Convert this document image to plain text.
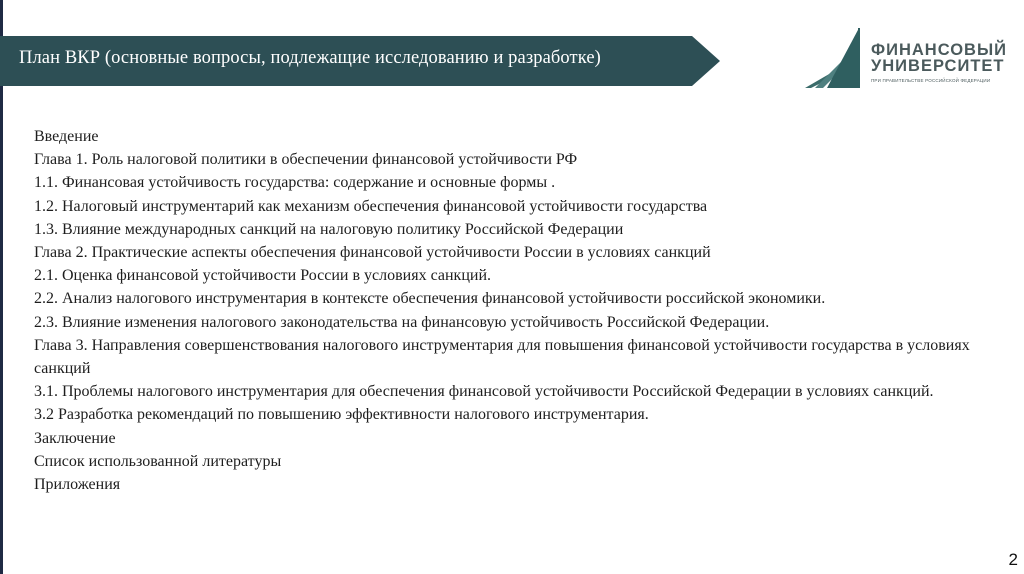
План ВКР (основные вопросы, подлежащие исследованию и разработке)	ФИНАНСОВЫЙ
УНИВЕРСИТЕТ
ПРИ ПРАВИТЕЛЬСТВЕ РОССИЙСКОЙ ФЕДЕРАЦИИ
Введение
Глава 1. Роль налоговой политики в обеспечении финансовой устойчивости РФ
1.1. Финансовая устойчивость государства: содержание и основные формы .
1.2. Налоговый инструментарий как механизм обеспечения финансовой устойчивости государства
1.3. Влияние международных санкций на налоговую политику Российской Федерации
Глава 2. Практические аспекты обеспечения финансовой устойчивости России в условиях санкций
2.1. Оценка финансовой устойчивости России в условиях санкций.
2.2. Анализ налогового инструментария в контексте обеспечения финансовой устойчивости российской экономики.
2.3. Влияние изменения налогового законодательства на финансовую устойчивость Российской Федерации.
Глава 3. Направления совершенствования налогового инструментария для повышения финансовой устойчивости государства в условиях санкций
3.1. Проблемы налогового инструментария для обеспечения финансовой устойчивости Российской Федерации в условиях санкций.
3.2 Разработка рекомендаций по повышению эффективности налогового инструментария.
Заключение
Список использованной литературы
Приложения
2
